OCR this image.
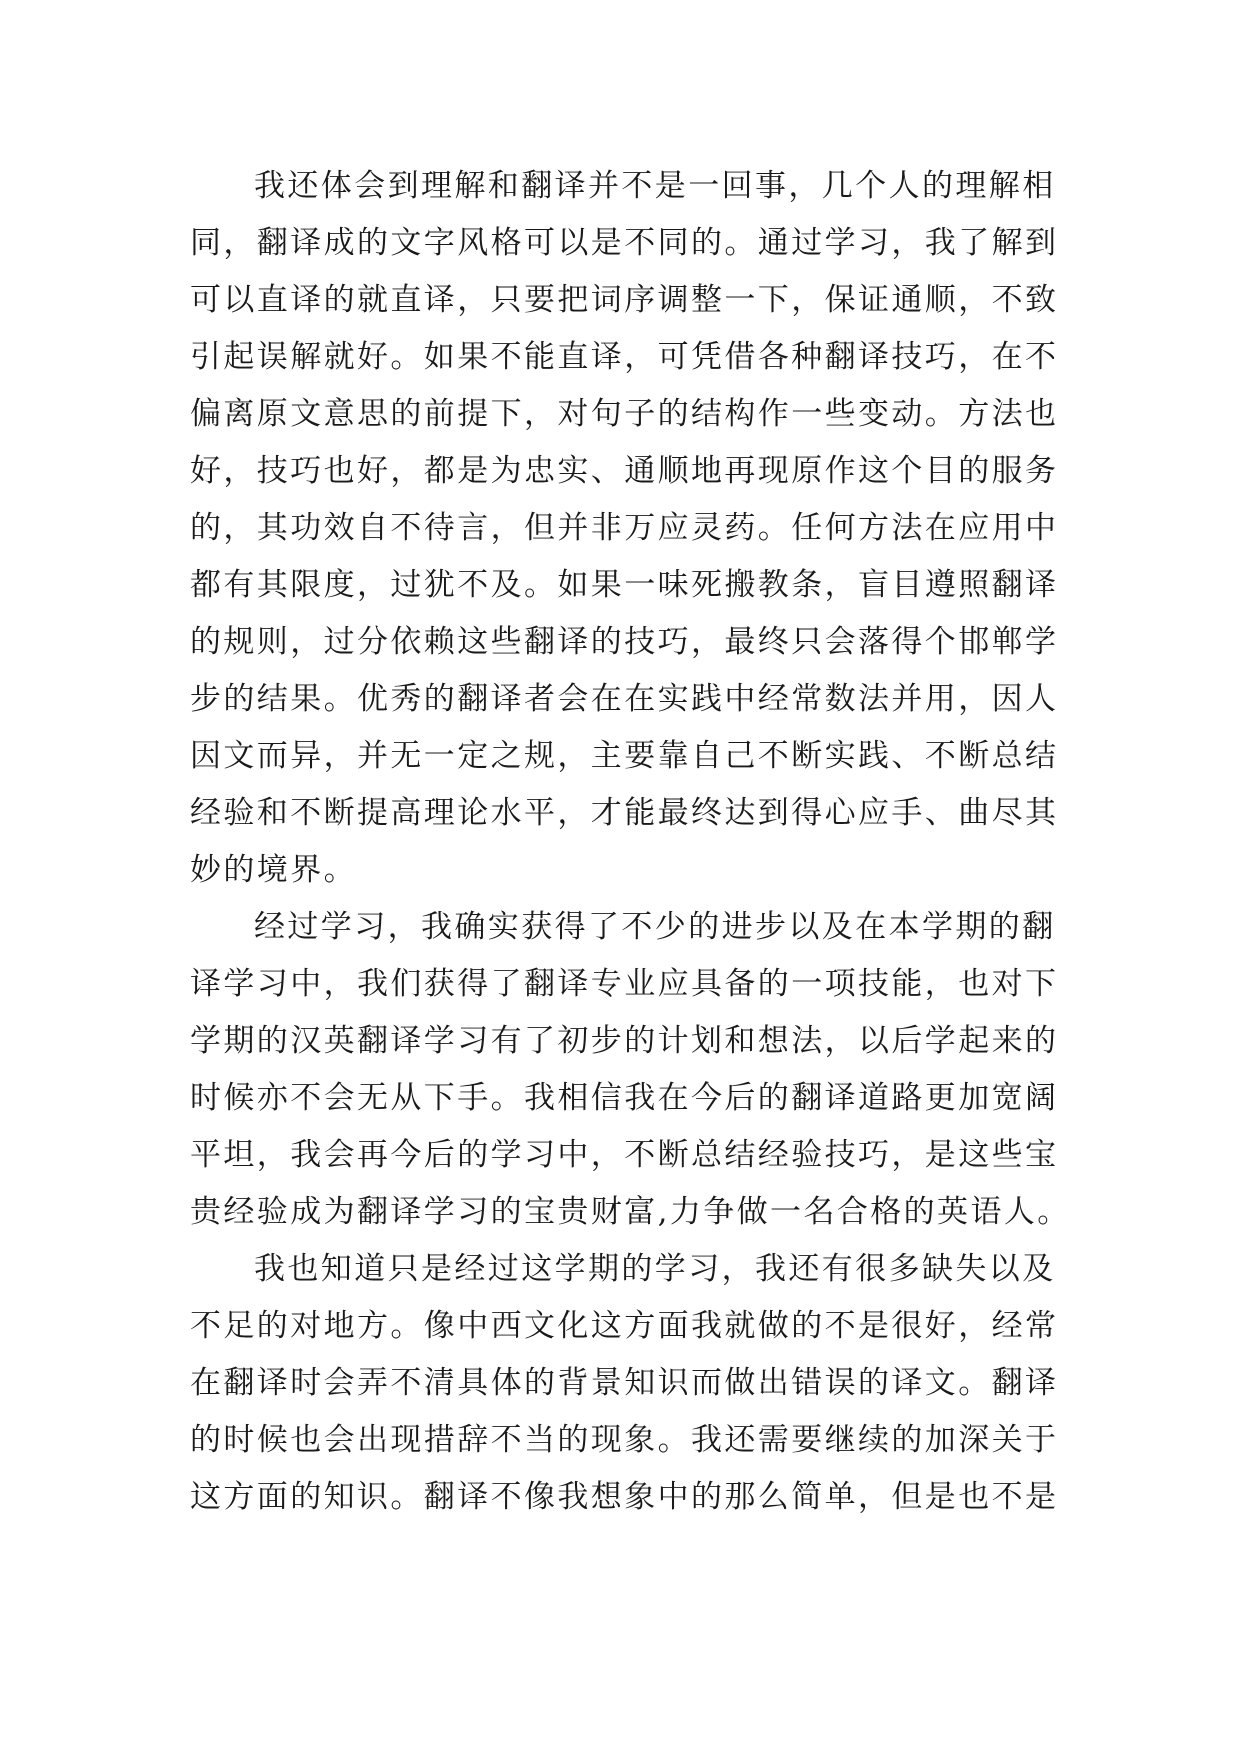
我还体会到理解和翻译并不是一回事，几个人的理解相
同，翻译成的文字风格可以是不同的。通过学习，我了解到
可以直译的就直译，只要把词序调整一下，保证通顺，不致
引起误解就好。如果不能直译，可凭借各种翻译技巧，在不
偏离原文意思的前提下，对句子的结构作一些变动。方法也
好，技巧也好，都是为忠实、通顺地再现原作这个目的服务
的，其功效自不待言，但并非万应灵药。任何方法在应用中
都有其限度，过犹不及。如果一味死搬教条，盲目遵照翻译
的规则，过分依赖这些翻译的技巧，最终只会落得个邯郸学
步的结果。优秀的翻译者会在在实践中经常数法并用，因人
因文而异，并无一定之规，主要靠自己不断实践、不断总结
经验和不断提高理论水平，才能最终达到得心应手、曲尽其
妙的境界。
经过学习，我确实获得了不少的进步以及在本学期的翻
译学习中，我们获得了翻译专业应具备的一项技能，也对下
学期的汉英翻译学习有了初步的计划和想法，以后学起来的
时候亦不会无从下手。我相信我在今后的翻译道路更加宽阔
平坦，我会再今后的学习中，不断总结经验技巧，是这些宝
贵经验成为翻译学习的宝贵财富,力争做一名合格的英语人。
我也知道只是经过这学期的学习，我还有很多缺失以及
不足的对地方。像中西文化这方面我就做的不是很好，经常
在翻译时会弄不清具体的背景知识而做出错误的译文。翻译
的时候也会出现措辞不当的现象。我还需要继续的加深关于
这方面的知识。翻译不像我想象中的那么简单，但是也不是
